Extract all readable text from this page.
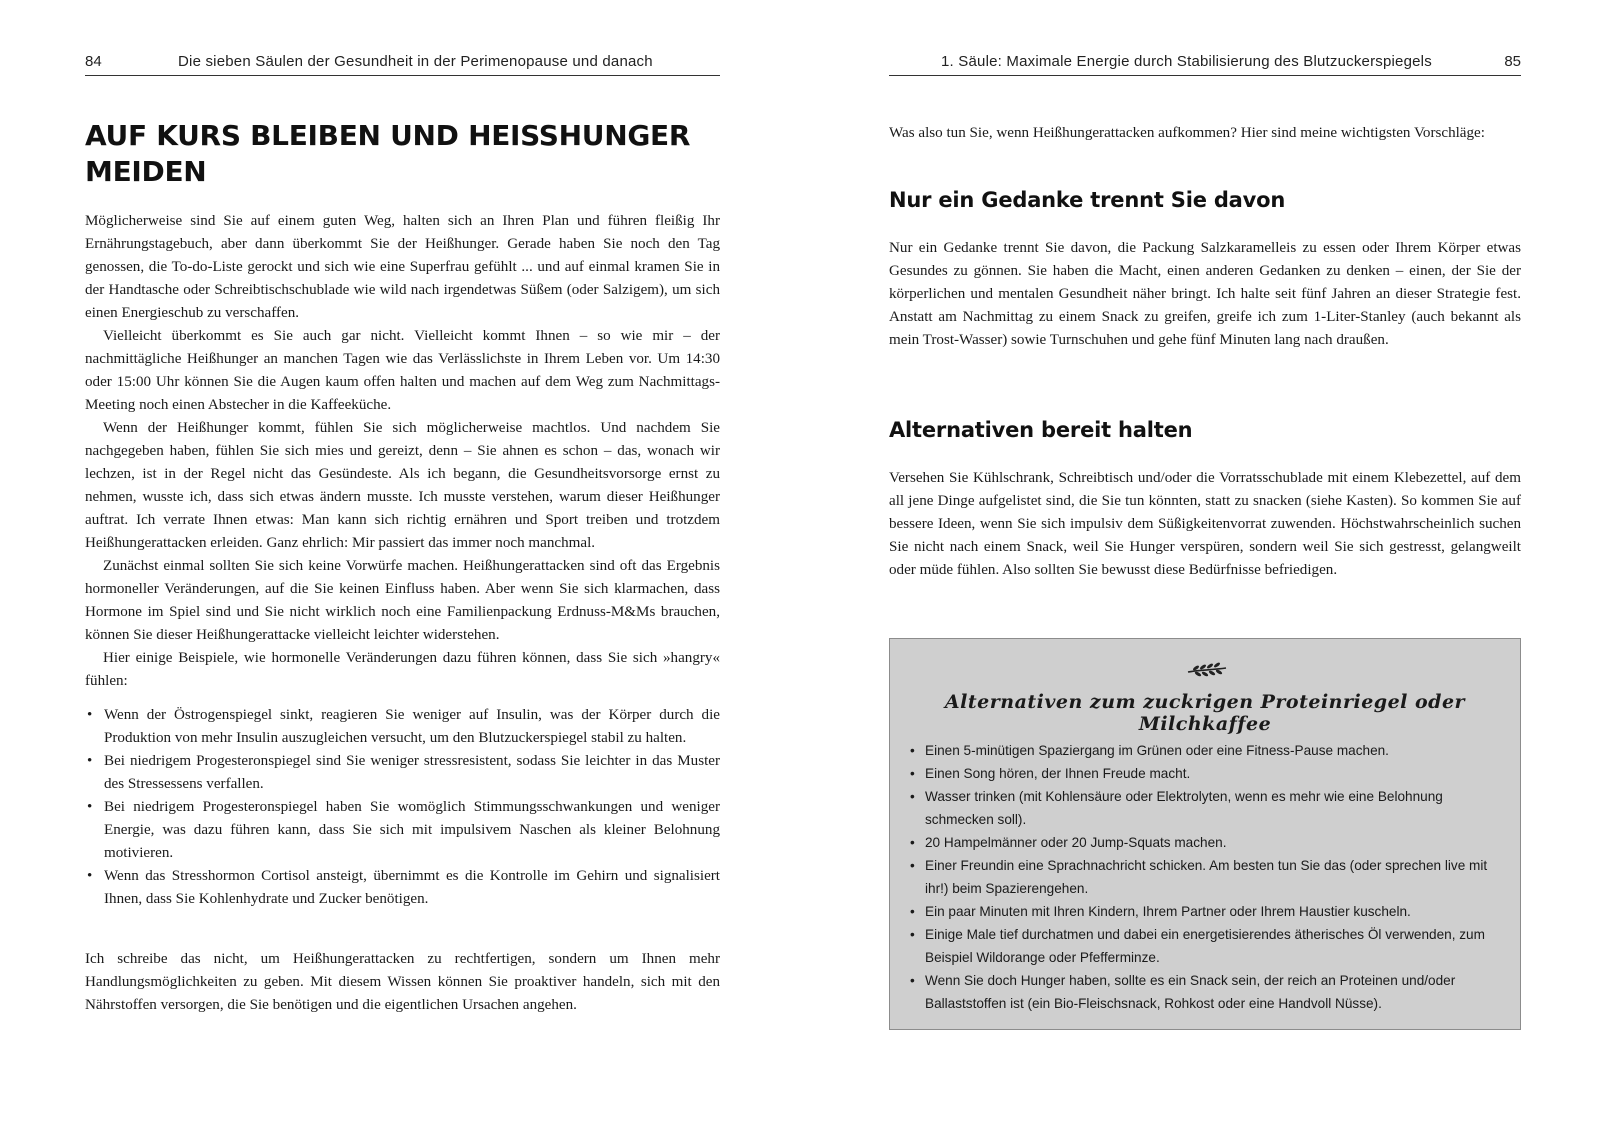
84	Die sieben Säulen der Gesundheit in der Perimenopause und danach
AUF KURS BLEIBEN UND HEISSHUNGER MEIDEN

Möglicherweise sind Sie auf einem guten Weg, halten sich an Ihren Plan und führen fleißig Ihr Ernährungstagebuch, aber dann überkommt Sie der Heißhunger. Gerade haben Sie noch den Tag genossen, die To-do-Liste gerockt und sich wie eine Superfrau gefühlt ... und auf einmal kramen Sie in der Handtasche oder Schreibtischschublade wie wild nach irgendetwas Süßem (oder Salzigem), um sich einen Energieschub zu verschaffen.

Vielleicht überkommt es Sie auch gar nicht. Vielleicht kommt Ihnen – so wie mir – der nachmittägliche Heißhunger an manchen Tagen wie das Verlässlichste in Ihrem Leben vor. Um 14:30 oder 15:00 Uhr können Sie die Augen kaum offen halten und machen auf dem Weg zum Nachmittags-Meeting noch einen Abstecher in die Kaffeeküche.

Wenn der Heißhunger kommt, fühlen Sie sich möglicherweise machtlos. Und nachdem Sie nachgegeben haben, fühlen Sie sich mies und gereizt, denn – Sie ahnen es schon – das, wonach wir lechzen, ist in der Regel nicht das Gesündeste. Als ich begann, die Gesundheitsvorsorge ernst zu nehmen, wusste ich, dass sich etwas ändern musste. Ich musste verstehen, warum dieser Heißhunger auftrat. Ich verrate Ihnen etwas: Man kann sich richtig ernähren und Sport treiben und trotzdem Heißhungerattacken erleiden. Ganz ehrlich: Mir passiert das immer noch manchmal.

Zunächst einmal sollten Sie sich keine Vorwürfe machen. Heißhungerattacken sind oft das Ergebnis hormoneller Veränderungen, auf die Sie keinen Einfluss haben. Aber wenn Sie sich klarmachen, dass Hormone im Spiel sind und Sie nicht wirklich noch eine Familienpackung Erdnuss-M&Ms brauchen, können Sie dieser Heißhungerattacke vielleicht leichter widerstehen.

Hier einige Beispiele, wie hormonelle Veränderungen dazu führen können, dass Sie sich »hangry« fühlen:

• Wenn der Östrogenspiegel sinkt, reagieren Sie weniger auf Insulin, was der Körper durch die Produktion von mehr Insulin auszugleichen versucht, um den Blutzuckerspiegel stabil zu halten.
• Bei niedrigem Progesteronspiegel sind Sie weniger stressresistent, sodass Sie leichter in das Muster des Stressessens verfallen.
• Bei niedrigem Progesteronspiegel haben Sie womöglich Stimmungsschwankungen und weniger Energie, was dazu führen kann, dass Sie sich mit impulsivem Naschen als kleiner Belohnung motivieren.
• Wenn das Stresshormon Cortisol ansteigt, übernimmt es die Kontrolle im Gehirn und signalisiert Ihnen, dass Sie Kohlenhydrate und Zucker benötigen.

Ich schreibe das nicht, um Heißhungerattacken zu rechtfertigen, sondern um Ihnen mehr Handlungsmöglichkeiten zu geben. Mit diesem Wissen können Sie proaktiver handeln, sich mit den Nährstoffen versorgen, die Sie benötigen und die eigentlichen Ursachen angehen.

1. Säule: Maximale Energie durch Stabilisierung des Blutzuckerspiegels	85

Was also tun Sie, wenn Heißhungerattacken aufkommen? Hier sind meine wichtigsten Vorschläge:

Nur ein Gedanke trennt Sie davon

Nur ein Gedanke trennt Sie davon, die Packung Salzkaramelleis zu essen oder Ihrem Körper etwas Gesundes zu gönnen. Sie haben die Macht, einen anderen Gedanken zu denken – einen, der Sie der körperlichen und mentalen Gesundheit näher bringt. Ich halte seit fünf Jahren an dieser Strategie fest. Anstatt am Nachmittag zu einem Snack zu greifen, greife ich zum 1-Liter-Stanley (auch bekannt als mein Trost-Wasser) sowie Turnschuhen und gehe fünf Minuten lang nach draußen.

Alternativen bereit halten

Versehen Sie Kühlschrank, Schreibtisch und/oder die Vorratsschublade mit einem Klebezettel, auf dem all jene Dinge aufgelistet sind, die Sie tun könnten, statt zu snacken (siehe Kasten). So kommen Sie auf bessere Ideen, wenn Sie sich impulsiv dem Süßigkeitenvorrat zuwenden. Höchstwahrscheinlich suchen Sie nicht nach einem Snack, weil Sie Hunger verspüren, sondern weil Sie sich gestresst, gelangweilt oder müde fühlen. Also sollten Sie bewusst diese Bedürfnisse befriedigen.

Alternativen zum zuckrigen Proteinriegel oder Milchkaffee
• Einen 5-minütigen Spaziergang im Grünen oder eine Fitness-Pause machen.
• Einen Song hören, der Ihnen Freude macht.
• Wasser trinken (mit Kohlensäure oder Elektrolyten, wenn es mehr wie eine Belohnung schmecken soll).
• 20 Hampelmänner oder 20 Jump-Squats machen.
• Einer Freundin eine Sprachnachricht schicken. Am besten tun Sie das (oder sprechen live mit ihr!) beim Spazierengehen.
• Ein paar Minuten mit Ihren Kindern, Ihrem Partner oder Ihrem Haustier kuscheln.
• Einige Male tief durchatmen und dabei ein energetisierendes ätherisches Öl verwenden, zum Beispiel Wildorange oder Pfefferminze.
• Wenn Sie doch Hunger haben, sollte es ein Snack sein, der reich an Proteinen und/oder Ballaststoffen ist (ein Bio-Fleischsnack, Rohkost oder eine Handvoll Nüsse).
